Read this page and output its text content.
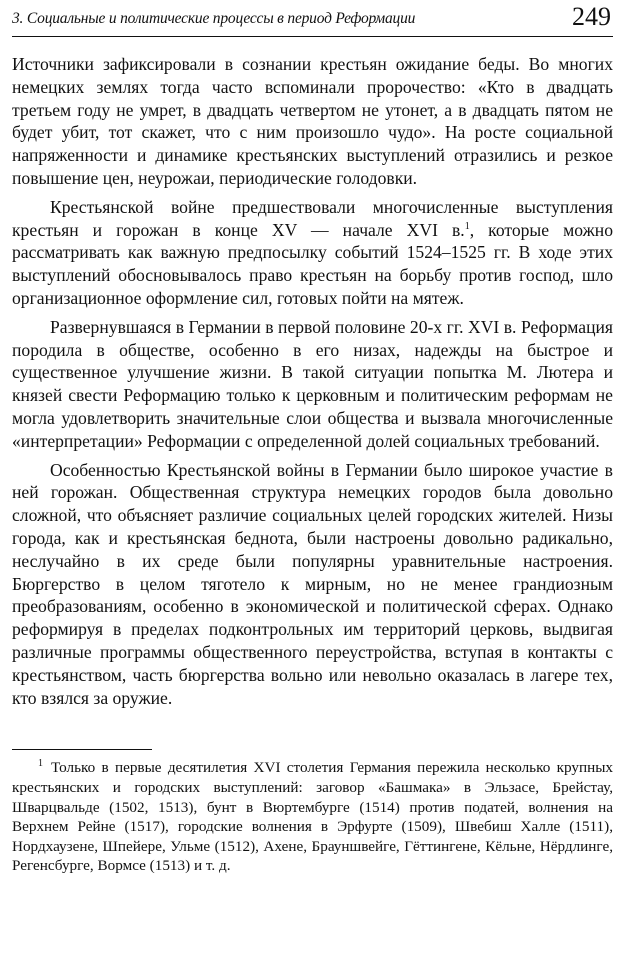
3. Социальные и политические процессы в период Реформации	249

Источники зафиксировали в сознании крестьян ожидание беды. Во многих немецких землях тогда часто вспоминали пророчество: «Кто в двадцать третьем году не умрет, в двадцать четвертом не утонет, а в двадцать пятом не будет убит, тот скажет, что с ним произошло чудо». На росте социальной напряженности и динамике крестьянских выступлений отразились и резкое повышение цен, неурожаи, периодические голодовки.

Крестьянской войне предшествовали многочисленные выступления крестьян и горожан в конце XV — начале XVI в.$^1$, которые можно рассматривать как важную предпосылку событий 1524–1525 гг. В ходе этих выступлений обосновывалось право крестьян на борьбу против господ, шло организационное оформление сил, готовых пойти на мятеж.

Развернувшаяся в Германии в первой половине 20-х гг. XVI в. Реформация породила в обществе, особенно в его низах, надежды на быстрое и существенное улучшение жизни. В такой ситуации попытка М. Лютера и князей свести Реформацию только к церковным и политическим реформам не могла удовлетворить значительные слои общества и вызвала многочисленные «интерпретации» Реформации с определенной долей социальных требований.

Особенностью Крестьянской войны в Германии было широкое участие в ней горожан. Общественная структура немецких городов была довольно сложной, что объясняет различие социальных целей городских жителей. Низы города, как и крестьянская беднота, были настроены довольно радикально, неслучайно в их среде были популярны уравнительные настроения. Бюргерство в целом тяготело к мирным, но не менее грандиозным преобразованиям, особенно в экономической и политической сферах. Однако реформируя в пределах подконтрольных им территорий церковь, выдвигая различные программы общественного переустройства, вступая в контакты с крестьянством, часть бюргерства вольно или невольно оказалась в лагере тех, кто взялся за оружие.

$^1$ Только в первые десятилетия XVI столетия Германия пережила несколько крупных крестьянских и городских выступлений: заговор «Башмака» в Эльзасе, Брейстау, Шварцвальде (1502, 1513), бунт в Вюртембурге (1514) против податей, волнения на Верхнем Рейне (1517), городские волнения в Эрфурте (1509), Швебиш Халле (1511), Нордхаузене, Шпейере, Ульме (1512), Ахене, Брауншвейге, Гёттингене, Кёльне, Нёрдлинге, Регенсбурге, Вормсе (1513) и т. д.
